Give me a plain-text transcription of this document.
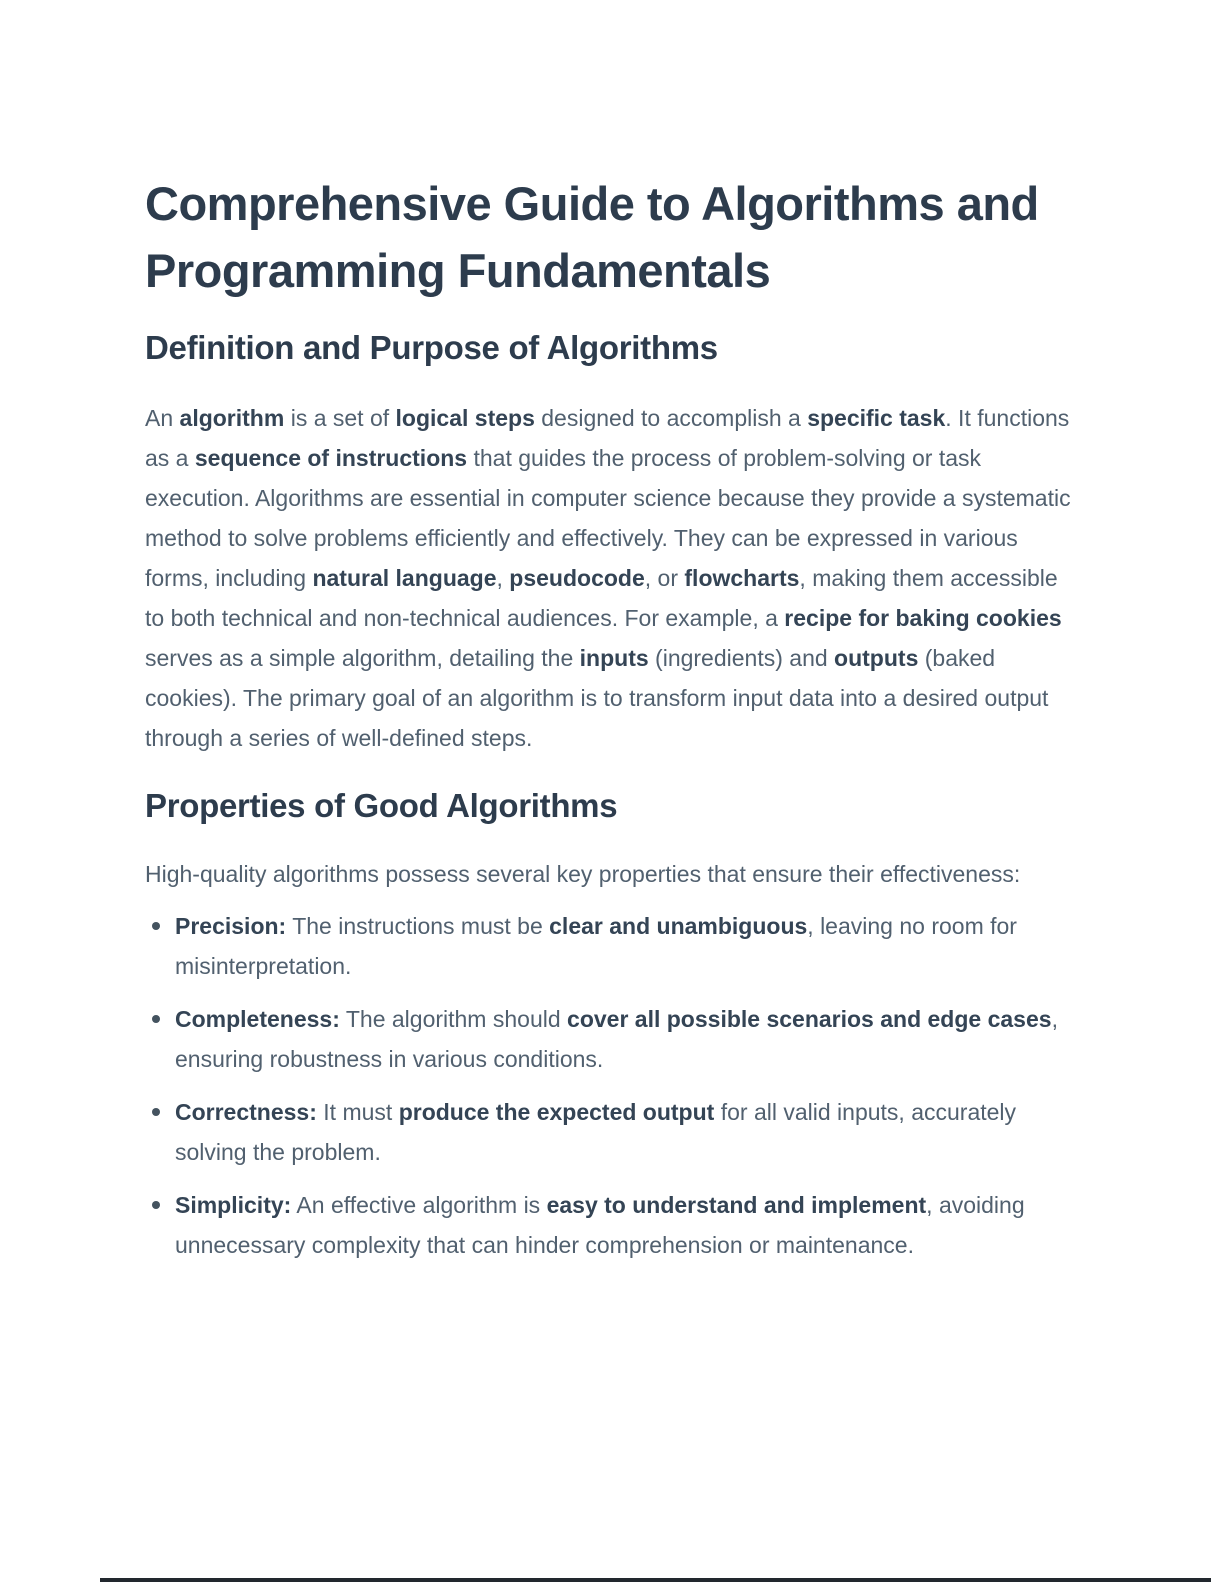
Comprehensive Guide to Algorithms and Programming Fundamentals
Definition and Purpose of Algorithms

An algorithm is a set of logical steps designed to accomplish a specific task. It functions as a sequence of instructions that guides the process of problem-solving or task execution. Algorithms are essential in computer science because they provide a systematic method to solve problems efficiently and effectively. They can be expressed in various forms, including natural language, pseudocode, or flowcharts, making them accessible to both technical and non-technical audiences. For example, a recipe for baking cookies serves as a simple algorithm, detailing the inputs (ingredients) and outputs (baked cookies). The primary goal of an algorithm is to transform input data into a desired output through a series of well-defined steps.

Properties of Good Algorithms

High-quality algorithms possess several key properties that ensure their effectiveness:

Precision: The instructions must be clear and unambiguous, leaving no room for misinterpretation.
Completeness: The algorithm should cover all possible scenarios and edge cases, ensuring robustness in various conditions.
Correctness: It must produce the expected output for all valid inputs, accurately solving the problem.
Simplicity: An effective algorithm is easy to understand and implement, avoiding unnecessary complexity that can hinder comprehension or maintenance.
